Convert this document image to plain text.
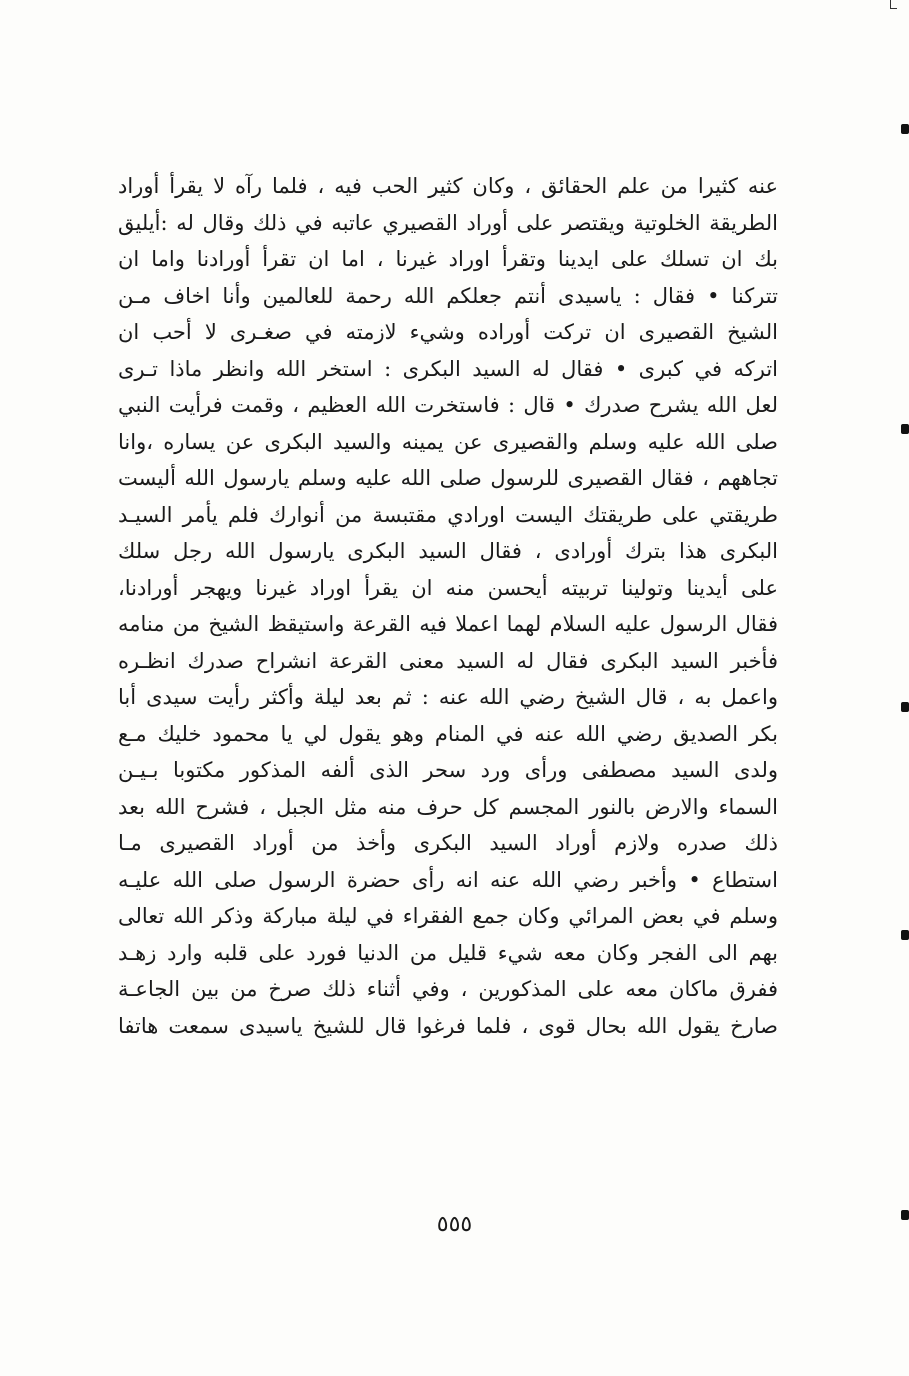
عنه كثيرا من علم الحقائق ، وكان كثير الحب فيه ، فلما رآه لا يقرأ أوراد
الطريقة الخلوتية ويقتصر على أوراد القصيري عاتبه في ذلك وقال له :أيليق
بك ان تسلك على ايدينا وتقرأ اوراد غيرنا ، اما ان تقرأ أورادنا واما ان
تتركنا • فقال : ياسيدى أنتم جعلكم الله رحمة للعالمين وأنا اخاف مـن
الشيخ القصيرى ان تركت أوراده وشيء لازمته في صغـرى لا أحب ان
اتركه في كبرى • فقال له السيد البكرى : استخر الله وانظر ماذا تـرى
لعل الله يشرح صدرك • قال : فاستخرت الله العظيم ، وقمت فرأيت النبي
صلى الله عليه وسلم والقصيرى عن يمينه والسيد البكرى عن يساره ،وانا
تجاههم ، فقال القصيرى للرسول صلى الله عليه وسلم يارسول الله أليست
طريقتي على طريقتك اليست اورادي مقتبسة من أنوارك فلم يأمر السيـد
البكرى هذا بترك أورادى ، فقال السيد البكرى يارسول الله رجل سلك
على أيدينا وتولينا تربيته أيحسن منه ان يقرأ اوراد غيرنا ويهجر أورادنا،
فقال الرسول عليه السلام لهما اعملا فيه القرعة واستيقظ الشيخ من منامه
فأخبر السيد البكرى فقال له السيد معنى القرعة انشراح صدرك انظـره
واعمل به ، قال الشيخ رضي الله عنه : ثم بعد ليلة وأكثر رأيت سيدى أبا
بكر الصديق رضي الله عنه في المنام وهو يقول لي يا محمود خليك مـع
ولدى السيد مصطفى ورأى ورد سحر الذى ألفه المذكور مكتوبا بـيـن
السماء والارض بالنور المجسم كل حرف منه مثل الجبل ، فشرح الله بعد
ذلك صدره ولازم أوراد السيد البكرى وأخذ من أوراد القصيرى مـا
استطاع • وأخبر رضي الله عنه انه رأى حضرة الرسول صلى الله عليـه
وسلم في بعض المرائي وكان جمع الفقراء في ليلة مباركة وذكر الله تعالى
بهم الى الفجر وكان معه شيء قليل من الدنيا فورد على قلبه وارد زهـد
ففرق ماكان معه على المذكورين ، وفي أثناء ذلك صرخ من بين الجاعـة
صارخ يقول الله بحال قوى ، فلما فرغوا قال للشيخ ياسيدى سمعت هاتفا
٥٥٥
